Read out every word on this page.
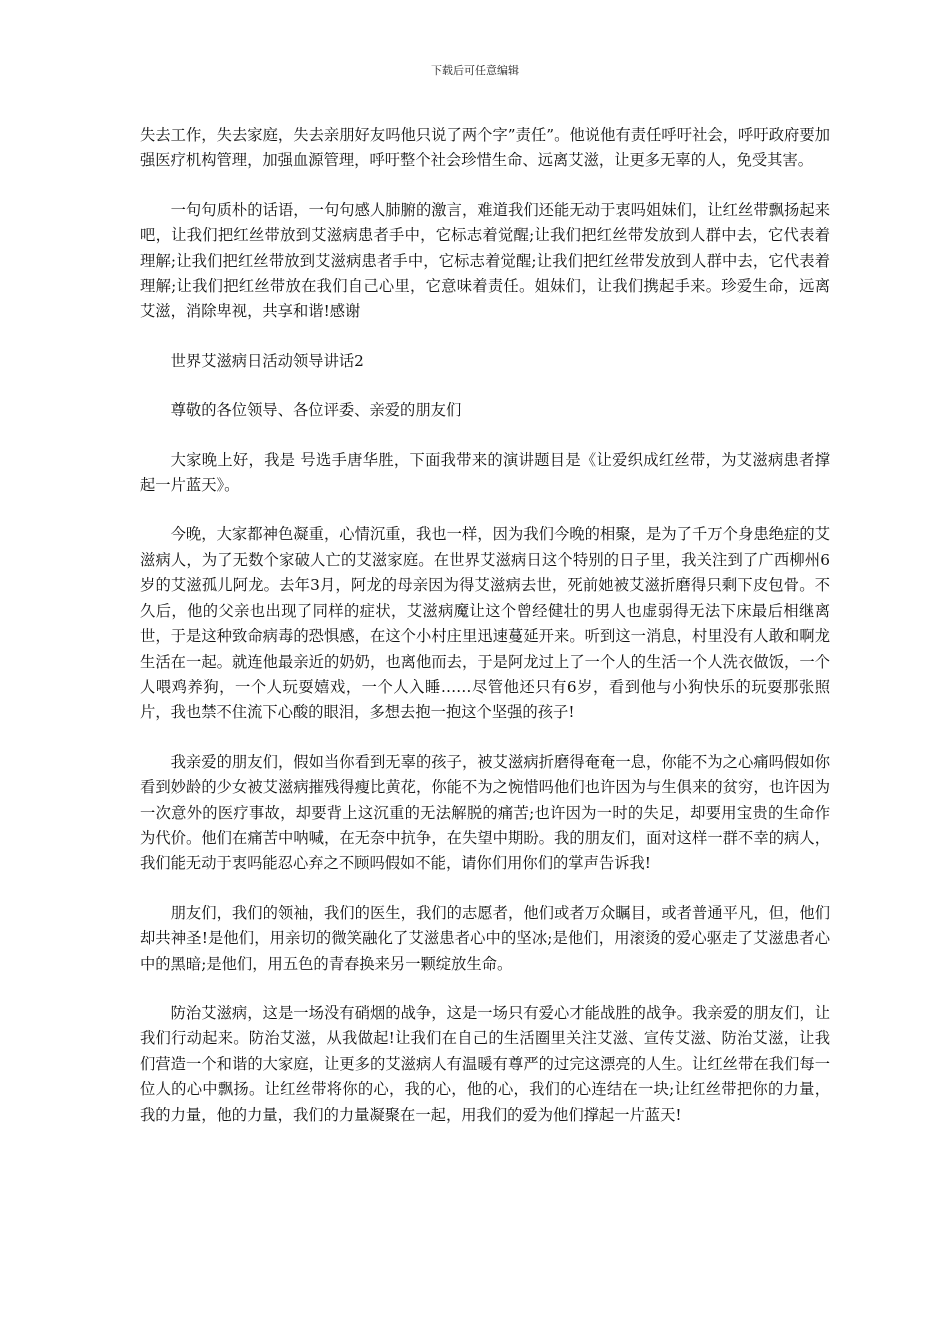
下载后可任意编辑

失去工作，失去家庭，失去亲朋好友吗他只说了两个字”责任”。他说他有责任呼吁社会，呼吁政府要加强医疗机构管理，加强血源管理，呼吁整个社会珍惜生命、远离艾滋，让更多无辜的人，免受其害。

一句句质朴的话语，一句句感人肺腑的激言，难道我们还能无动于衷吗姐妹们，让红丝带飘扬起来吧，让我们把红丝带放到艾滋病患者手中，它标志着觉醒;让我们把红丝带发放到人群中去，它代表着理解;让我们把红丝带放到艾滋病患者手中，它标志着觉醒;让我们把红丝带发放到人群中去，它代表着理解;让我们把红丝带放在我们自己心里，它意味着责任。姐妹们，让我们携起手来。珍爱生命，远离艾滋，消除卑视，共享和谐!感谢

世界艾滋病日活动领导讲话2

尊敬的各位领导、各位评委、亲爱的朋友们

大家晚上好，我是 号选手唐华胜，下面我带来的演讲题目是《让爱织成红丝带，为艾滋病患者撑起一片蓝天》。

今晚，大家都神色凝重，心情沉重，我也一样，因为我们今晚的相聚，是为了千万个身患绝症的艾滋病人，为了无数个家破人亡的艾滋家庭。在世界艾滋病日这个特别的日子里，我关注到了广西柳州6岁的艾滋孤儿阿龙。去年3月，阿龙的母亲因为得艾滋病去世，死前她被艾滋折磨得只剩下皮包骨。不久后，他的父亲也出现了同样的症状，艾滋病魔让这个曾经健壮的男人也虚弱得无法下床最后相继离世，于是这种致命病毒的恐惧感，在这个小村庄里迅速蔓延开来。听到这一消息，村里没有人敢和啊龙生活在一起。就连他最亲近的奶奶，也离他而去，于是阿龙过上了一个人的生活一个人洗衣做饭，一个人喂鸡养狗，一个人玩耍嬉戏，一个人入睡……尽管他还只有6岁，看到他与小狗快乐的玩耍那张照片，我也禁不住流下心酸的眼泪，多想去抱一抱这个坚强的孩子!

我亲爱的朋友们，假如当你看到无辜的孩子，被艾滋病折磨得奄奄一息，你能不为之心痛吗假如你看到妙龄的少女被艾滋病摧残得瘦比黄花，你能不为之惋惜吗他们也许因为与生俱来的贫穷，也许因为一次意外的医疗事故，却要背上这沉重的无法解脱的痛苦;也许因为一时的失足，却要用宝贵的生命作为代价。他们在痛苦中呐喊，在无奈中抗争，在失望中期盼。我的朋友们，面对这样一群不幸的病人，我们能无动于衷吗能忍心弃之不顾吗假如不能，请你们用你们的掌声告诉我!

朋友们，我们的领袖，我们的医生，我们的志愿者，他们或者万众瞩目，或者普通平凡，但，他们却共神圣!是他们，用亲切的微笑融化了艾滋患者心中的坚冰;是他们，用滚烫的爱心驱走了艾滋患者心中的黑暗;是他们，用五色的青春换来另一颗绽放生命。

防治艾滋病，这是一场没有硝烟的战争，这是一场只有爱心才能战胜的战争。我亲爱的朋友们，让我们行动起来。防治艾滋，从我做起!让我们在自己的生活圈里关注艾滋、宣传艾滋、防治艾滋，让我们营造一个和谐的大家庭，让更多的艾滋病人有温暖有尊严的过完这漂亮的人生。让红丝带在我们每一位人的心中飘扬。让红丝带将你的心，我的心，他的心，我们的心连结在一块;让红丝带把你的力量，我的力量，他的力量，我们的力量凝聚在一起，用我们的爱为他们撑起一片蓝天!
